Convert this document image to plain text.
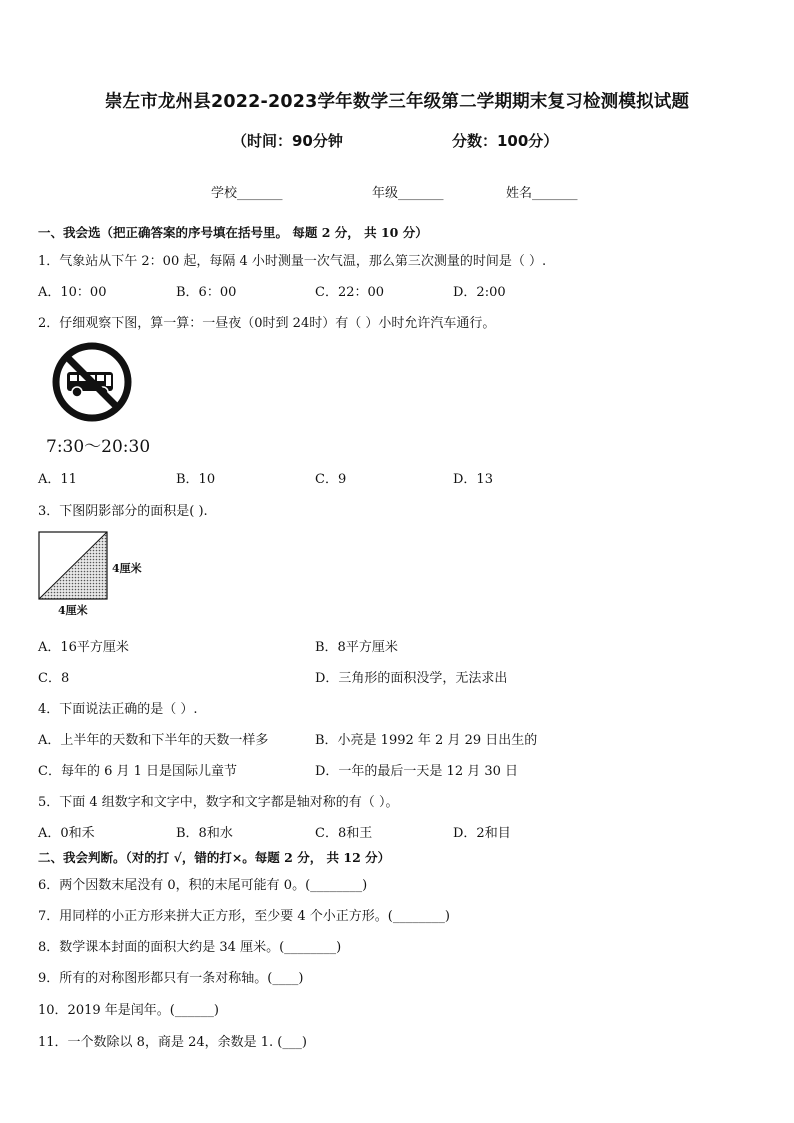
崇左市龙州县2022-2023学年数学三年级第二学期期末复习检测模拟试题
（时间：90分钟	分数：100分）
学校_______	年级_______	姓名_______
一、我会选（把正确答案的序号填在括号里。 每题 2 分， 共 10 分）
1．气象站从下午 2：00 起，每隔 4 小时测量一次气温，那么第三次测量的时间是（ ）.
A．10：00	B．6：00	C．22：00	D．2:00
2．仔细观察下图，算一算：一昼夜（0时到 24时）有（ ）小时允许汽车通行。
7:30～20:30
A．11	B．10	C．9	D．13
3．下图阴影部分的面积是( ).
4厘米
4厘米
A．16平方厘米	B．8平方厘米
C．8	D．三角形的面积没学，无法求出
4．下面说法正确的是（ ）.
A．上半年的天数和下半年的天数一样多	B．小亮是 1992 年 2 月 29 日出生的
C．每年的 6 月 1 日是国际儿童节	D．一年的最后一天是 12 月 30 日
5．下面 4 组数字和文字中，数字和文字都是轴对称的有（ ）。
A．0和禾	B．8和水	C．8和王	D．2和目
二、我会判断。（对的打 √，错的打×。每题 2 分， 共 12 分）
6．两个因数末尾没有 0，积的末尾可能有 0。(________)
7．用同样的小正方形来拼大正方形，至少要 4 个小正方形。(________)
8．数学课本封面的面积大约是 34 厘米。(________)
9．所有的对称图形都只有一条对称轴。(____)
10．2019 年是闰年。(______)
11．一个数除以 8，商是 24，余数是 1. (___)
